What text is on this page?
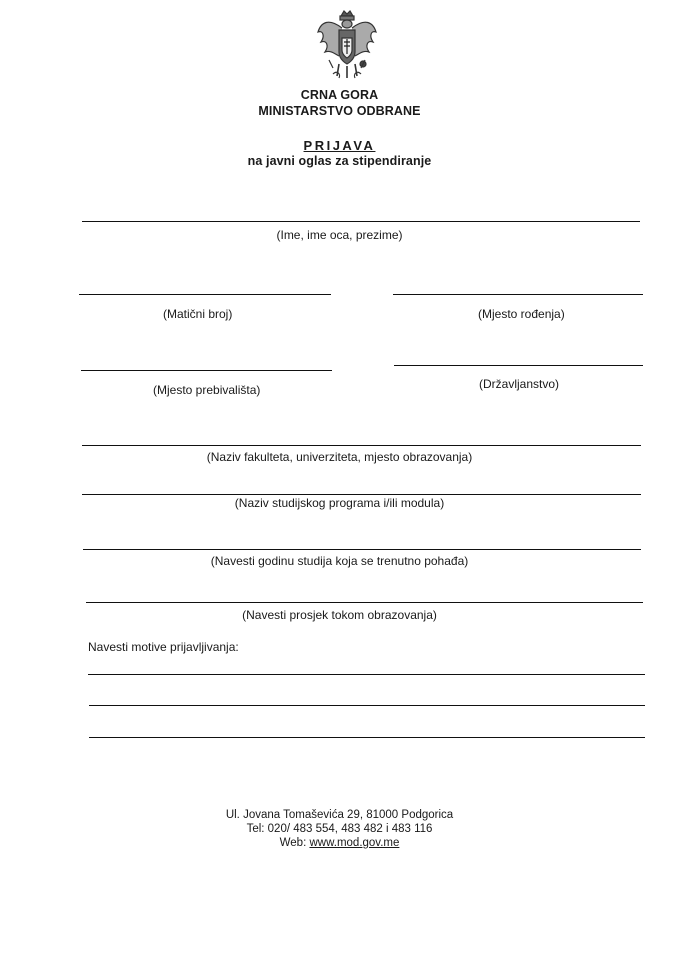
CRNA GORA
MINISTARSTVO ODBRANE
PRIJAVA
na javni oglas za stipendiranje
(Ime, ime oca, prezime)
(Matični broj)	(Mjesto rođenja)
(Mjesto prebivališta)	(Državljanstvo)
(Naziv fakulteta, univerziteta, mjesto obrazovanja)
(Naziv studijskog programa i/ili modula)
(Navesti godinu studija koja se trenutno pohađa)
(Navesti prosjek tokom obrazovanja)
Navesti motive prijavljivanja:
Ul. Jovana Tomaševića 29, 81000 Podgorica
Tel: 020/ 483 554, 483 482 i 483 116
Web: www.mod.gov.me
